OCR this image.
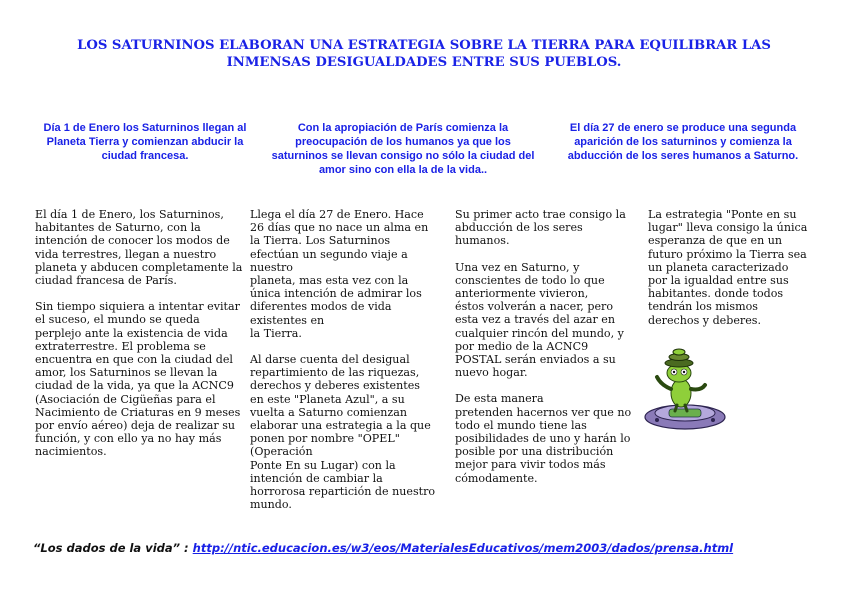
LOS SATURNINOS ELABORAN UNA ESTRATEGIA SOBRE LA TIERRA PARA EQUILIBRAR LAS INMENSAS DESIGUALDADES ENTRE SUS PUEBLOS.

Día 1 de Enero los Saturninos llegan al Planeta Tierra y comienzan abducir la ciudad francesa.

Con la apropiación de París comienza la preocupación de los humanos ya que los saturninos se llevan consigo no sólo la ciudad del amor sino con ella la de la vida..

El día 27 de enero se produce una segunda aparición de los saturninos y comienza la abducción de los seres humanos a Saturno.

El día 1 de Enero, los Saturninos, habitantes de Saturno, con la intención de conocer los modos de vida terrestres, llegan a nuestro planeta y abducen completamente la ciudad francesa de París.

Sin tiempo siquiera a intentar evitar el suceso, el mundo se queda perplejo ante la existencia de vida extraterrestre. El problema se encuentra en que con la ciudad del amor, los Saturninos se llevan la ciudad de la vida, ya que la ACNC9 (Asociación de Cigüeñas para el Nacimiento de Criaturas en 9 meses por envío aéreo) deja de realizar su función, y con ello ya no hay más nacimientos.

Llega el día 27 de Enero. Hace 26 días que no nace un alma en la Tierra. Los Saturninos efectúan un segundo viaje a nuestro
planeta, mas esta vez con la única intención de admirar los diferentes modos de vida existentes en
la Tierra.

Al darse cuenta del desigual repartimiento de las riquezas, derechos y deberes existentes
en este "Planeta Azul", a su vuelta a Saturno comienzan elaborar una estrategia a la que ponen por nombre "OPEL" (Operación
Ponte En su Lugar) con la intención de cambiar la horrorosa repartición de nuestro mundo.

Su primer acto trae consigo la abducción de los seres humanos.

Una vez en Saturno, y conscientes de todo lo que anteriormente vivieron,
éstos volverán a nacer, pero esta vez a través del azar en cualquier rincón del mundo, y por medio de la ACNC9 POSTAL serán enviados a su nuevo hogar.

De esta manera
pretenden hacernos ver que no todo el mundo tiene las posibilidades de uno y harán lo posible por una distribución mejor para vivir todos más cómodamente.

La estrategia "Ponte en su lugar" lleva consigo la única esperanza de que en un futuro próximo la Tierra sea un planeta caracterizado por la igualdad entre sus habitantes. donde todos tendrán los mismos derechos y deberes.

“Los dados de la vida” : http://ntic.educacion.es/w3/eos/MaterialesEducativos/mem2003/dados/prensa.html
